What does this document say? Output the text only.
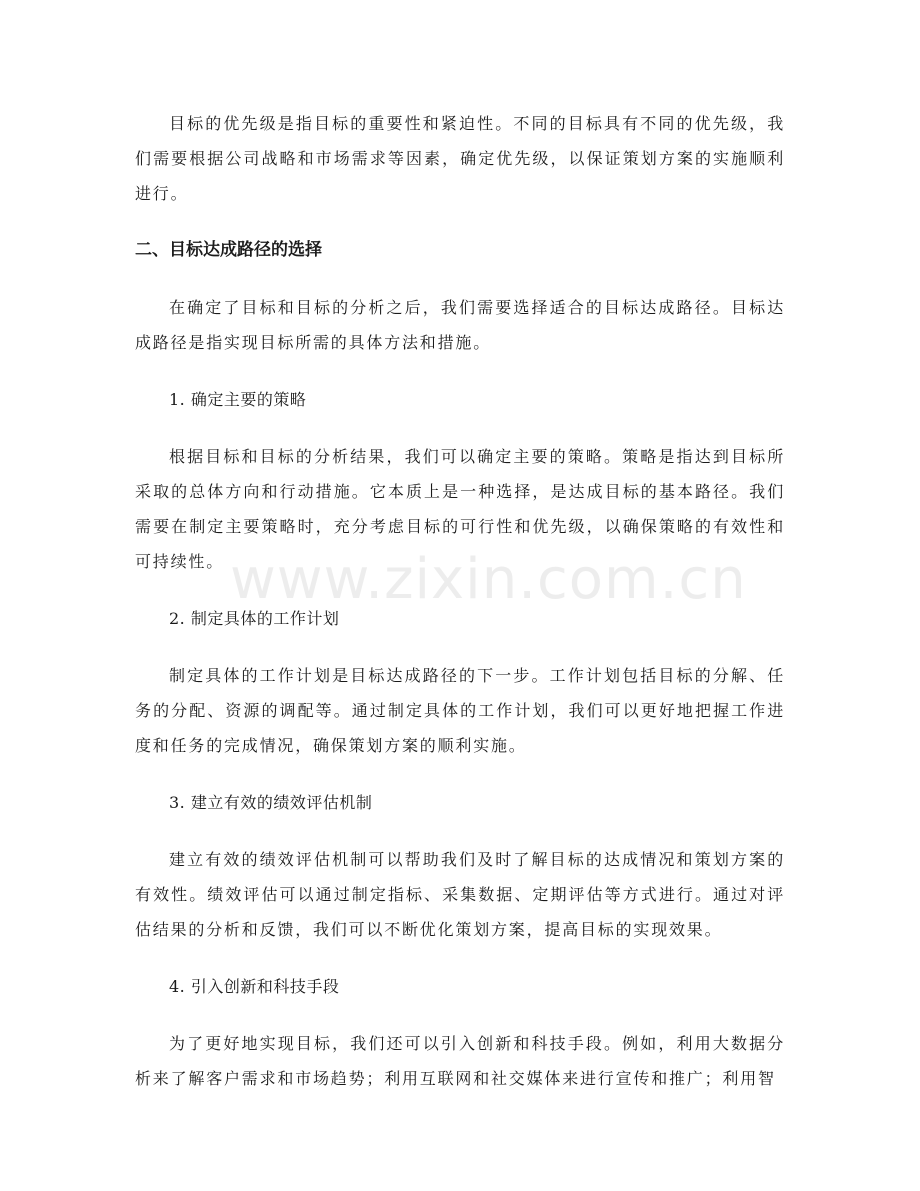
目标的优先级是指目标的重要性和紧迫性。不同的目标具有不同的优先级，我们需要根据公司战略和市场需求等因素，确定优先级，以保证策划方案的实施顺利进行。

二、目标达成路径的选择

在确定了目标和目标的分析之后，我们需要选择适合的目标达成路径。目标达成路径是指实现目标所需的具体方法和措施。

1. 确定主要的策略

根据目标和目标的分析结果，我们可以确定主要的策略。策略是指达到目标所采取的总体方向和行动措施。它本质上是一种选择，是达成目标的基本路径。我们需要在制定主要策略时，充分考虑目标的可行性和优先级，以确保策略的有效性和可持续性。

2. 制定具体的工作计划

制定具体的工作计划是目标达成路径的下一步。工作计划包括目标的分解、任务的分配、资源的调配等。通过制定具体的工作计划，我们可以更好地把握工作进度和任务的完成情况，确保策划方案的顺利实施。

3. 建立有效的绩效评估机制

建立有效的绩效评估机制可以帮助我们及时了解目标的达成情况和策划方案的有效性。绩效评估可以通过制定指标、采集数据、定期评估等方式进行。通过对评估结果的分析和反馈，我们可以不断优化策划方案，提高目标的实现效果。

4. 引入创新和科技手段

为了更好地实现目标，我们还可以引入创新和科技手段。例如，利用大数据分析来了解客户需求和市场趋势；利用互联网和社交媒体来进行宣传和推广；利用智

www.zixin.com.cn
